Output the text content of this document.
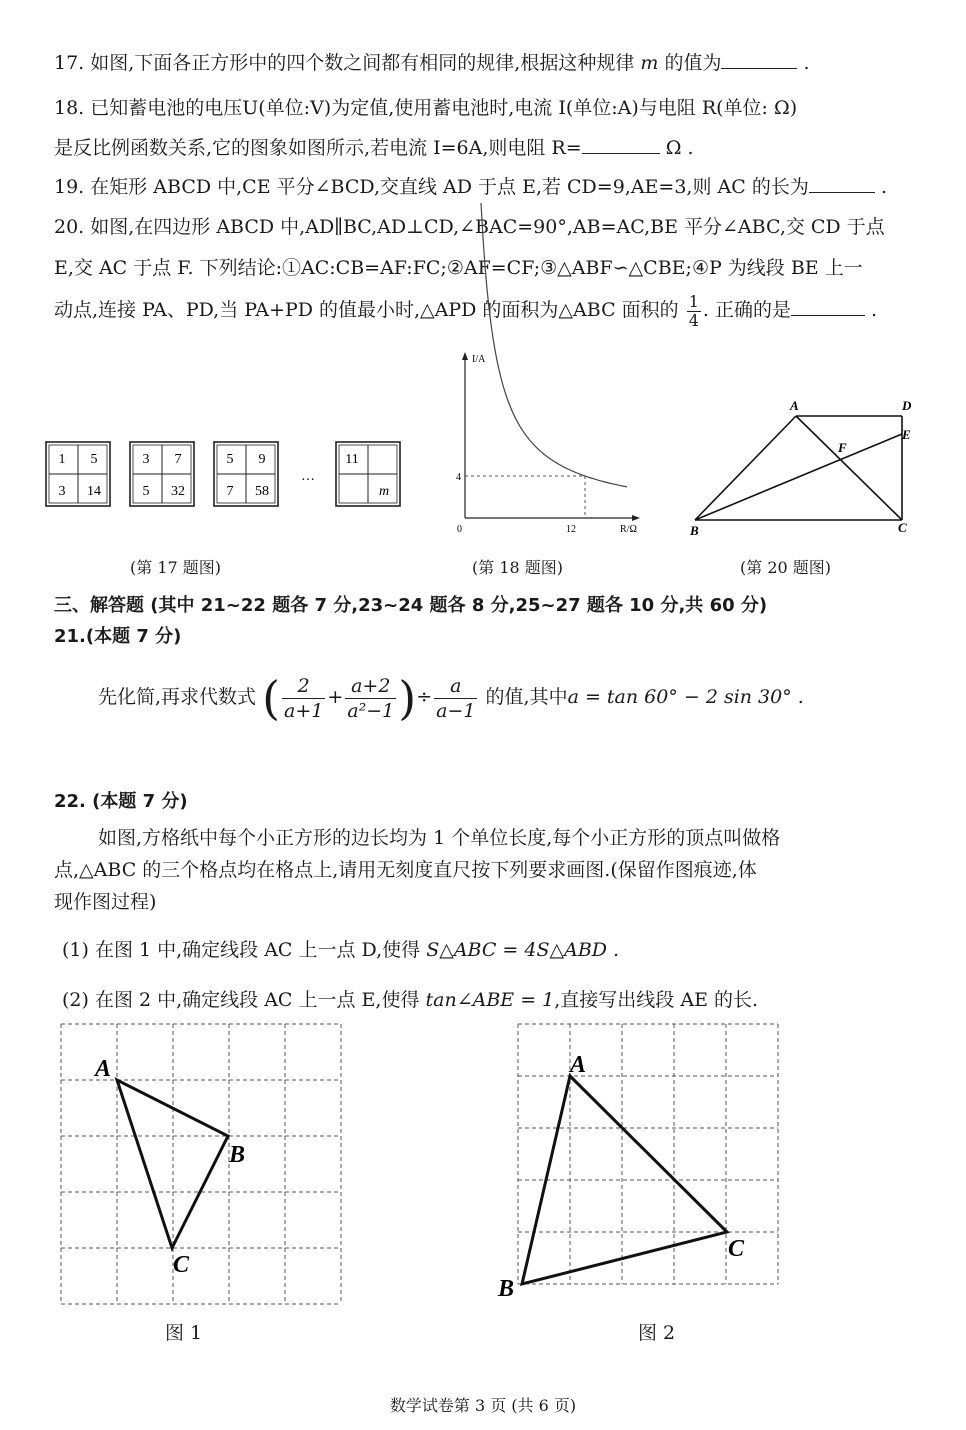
17. 如图,下面各正方形中的四个数之间都有相同的规律,根据这种规律 m 的值为	.
18. 已知蓄电池的电压U(单位:V)为定值,使用蓄电池时,电流 I(单位:A)与电阻 R(单位: Ω)
是反比例函数关系,它的图象如图所示,若电流 I=6A,则电阻 R=	Ω .
19. 在矩形 ABCD 中,CE 平分∠BCD,交直线 AD 于点 E,若 CD=9,AE=3,则 AC 的长为	.
20. 如图,在四边形 ABCD 中,AD∥BC,AD⊥CD,∠BAC=90°,AB=AC,BE 平分∠ABC,交 CD 于点
E,交 AC 于点 F. 下列结论:①AC:CB=AF:FC;②AF=CF;③△ABF∽△CBE;④P 为线段 BE 上一
动点,连接 PA、PD,当 PA+PD 的值最小时,△APD 的面积为△ABC 面积的 $\frac{1}{4}$ . 正确的是	.
1 5
3 14
3 7
5 32
5 9
7 58
11
m
…
(第 17 题图)
I/A
R/Ω
0
4
12
(第 18 题图)
A	D
E
F
B	C
(第 20 题图)
三、解答题 (其中 21~22 题各 7 分,23~24 题各 8 分,25~27 题各 10 分,共 60 分)
21.(本题 7 分)
先化简,再求代数式 ( $\frac{2}{a+1} + \frac{a+2}{\text{a²−1}}$ )÷ $\frac{a}{a-1}$ 的值,其中a = tan 60° − 2 sin 30° .
22. (本题 7 分)
如图,方格纸中每个小正方形的边长均为 1 个单位长度,每个小正方形的顶点叫做格
点,△ABC 的三个格点均在格点上,请用无刻度直尺按下列要求画图.(保留作图痕迹,体
现作图过程)
(1) 在图 1 中,确定线段 AC 上一点 D,使得 S△ABC = 4S△ABD .
(2) 在图 2 中,确定线段 AC 上一点 E,使得 tan∠ABE = 1,直接写出线段 AE 的长.
A
B
C
图 1
A
C
B
图 2
数学试卷第 3 页 (共 6 页)
